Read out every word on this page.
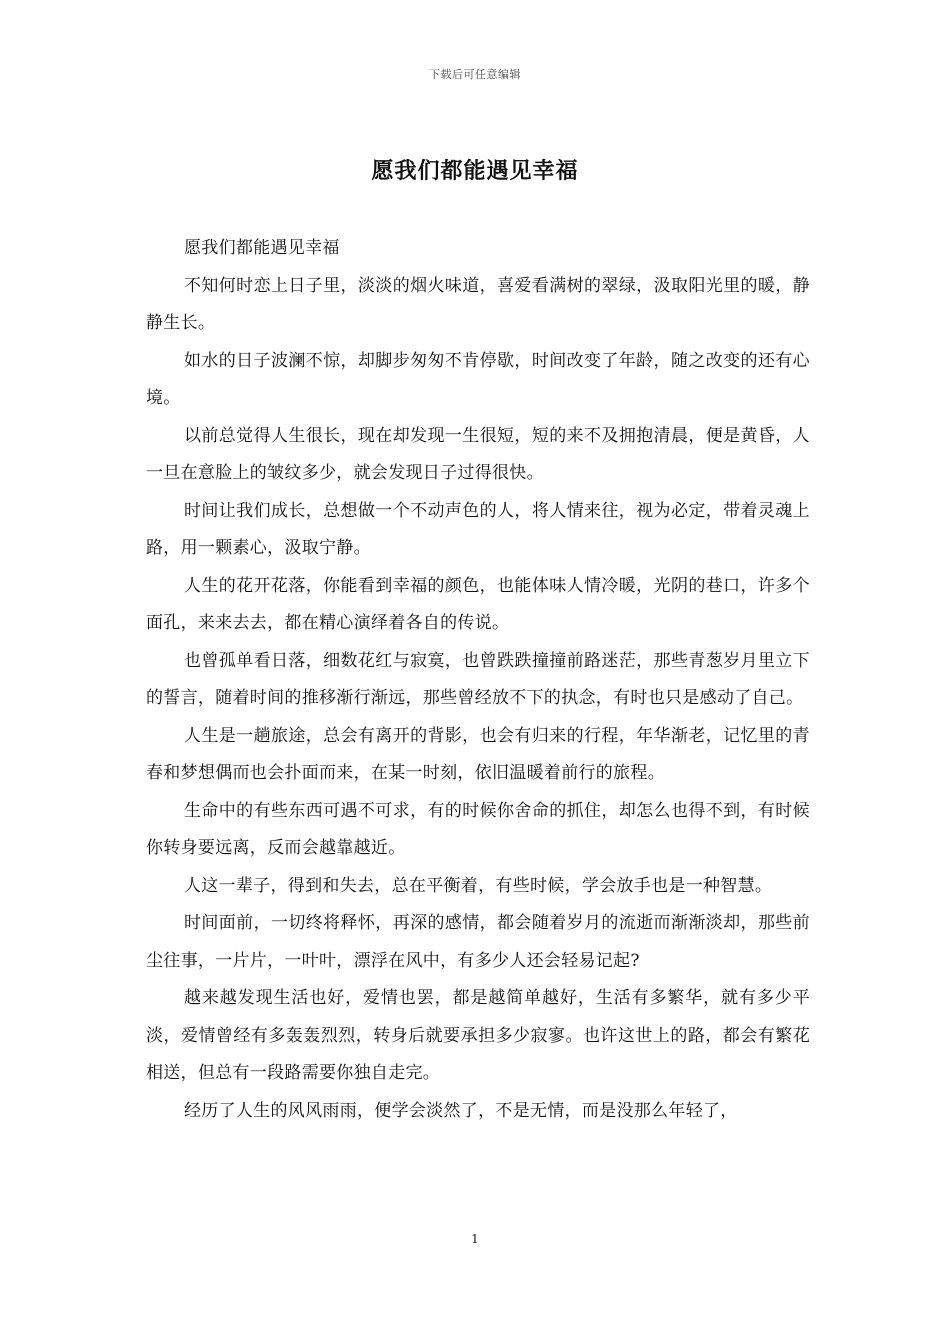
下载后可任意编辑
愿我们都能遇见幸福

愿我们都能遇见幸福

不知何时恋上日子里，淡淡的烟火味道，喜爱看满树的翠绿，汲取阳光里的暖，静静生长。

如水的日子波澜不惊，却脚步匆匆不肯停歇，时间改变了年龄，随之改变的还有心境。

以前总觉得人生很长，现在却发现一生很短，短的来不及拥抱清晨，便是黄昏，人一旦在意脸上的皱纹多少，就会发现日子过得很快。

时间让我们成长，总想做一个不动声色的人，将人情来往，视为必定，带着灵魂上路，用一颗素心，汲取宁静。

人生的花开花落，你能看到幸福的颜色，也能体味人情冷暖，光阴的巷口，许多个面孔，来来去去，都在精心演绎着各自的传说。

也曾孤单看日落，细数花红与寂寞，也曾跌跌撞撞前路迷茫，那些青葱岁月里立下的誓言，随着时间的推移渐行渐远，那些曾经放不下的执念，有时也只是感动了自己。

人生是一趟旅途，总会有离开的背影，也会有归来的行程，年华渐老，记忆里的青春和梦想偶而也会扑面而来，在某一时刻，依旧温暖着前行的旅程。

生命中的有些东西可遇不可求，有的时候你舍命的抓住，却怎么也得不到，有时候你转身要远离，反而会越靠越近。

人这一辈子，得到和失去，总在平衡着，有些时候，学会放手也是一种智慧。

时间面前，一切终将释怀，再深的感情，都会随着岁月的流逝而渐渐淡却，那些前尘往事，一片片，一叶叶，漂浮在风中，有多少人还会轻易记起?

越来越发现生活也好，爱情也罢，都是越简单越好，生活有多繁华，就有多少平淡，爱情曾经有多轰轰烈烈，转身后就要承担多少寂寥。也许这世上的路，都会有繁花相送，但总有一段路需要你独自走完。

经历了人生的风风雨雨，便学会淡然了，不是无情，而是没那么年轻了，

1
